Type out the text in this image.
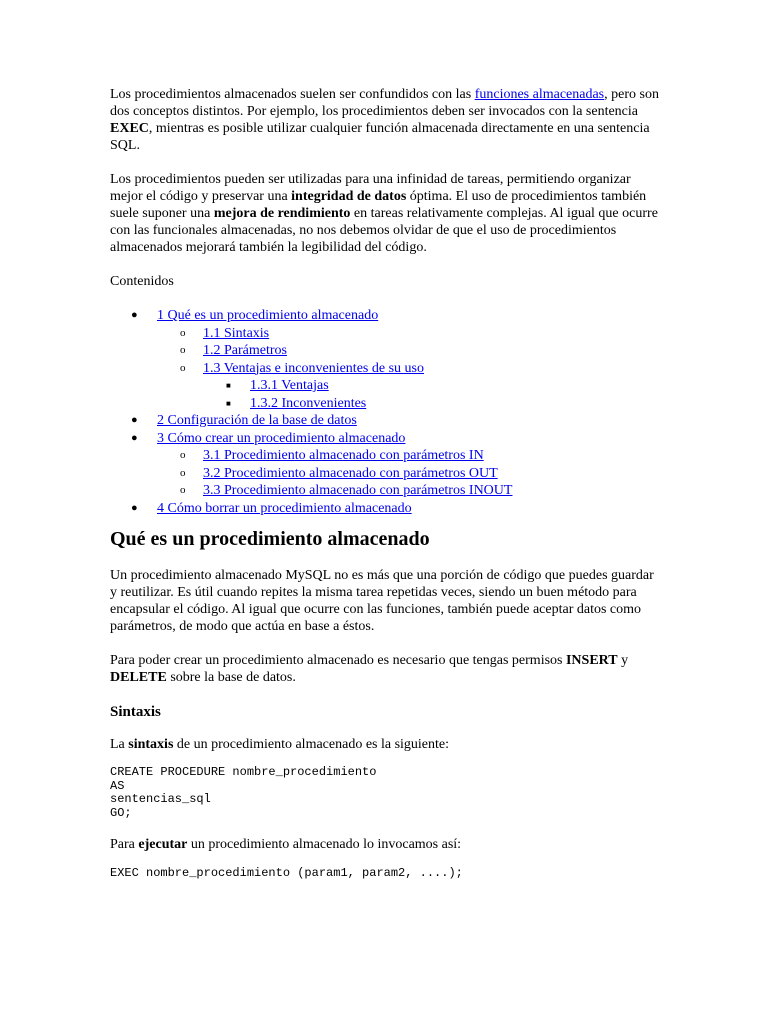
Los procedimientos almacenados suelen ser confundidos con las funciones almacenadas, pero son dos conceptos distintos. Por ejemplo, los procedimientos deben ser invocados con la sentencia EXEC, mientras es posible utilizar cualquier función almacenada directamente en una sentencia SQL.

Los procedimientos pueden ser utilizadas para una infinidad de tareas, permitiendo organizar mejor el código y preservar una integridad de datos óptima. El uso de procedimientos también suele suponer una mejora de rendimiento en tareas relativamente complejas. Al igual que ocurre con las funcionales almacenadas, no nos debemos olvidar de que el uso de procedimientos almacenados mejorará también la legibilidad del código.

Contenidos

● 1 Qué es un procedimiento almacenado
o 1.1 Sintaxis
o 1.2 Parámetros
o 1.3 Ventajas e inconvenientes de su uso
■ 1.3.1 Ventajas
■ 1.3.2 Inconvenientes
● 2 Configuración de la base de datos
● 3 Cómo crear un procedimiento almacenado
o 3.1 Procedimiento almacenado con parámetros IN
o 3.2 Procedimiento almacenado con parámetros OUT
o 3.3 Procedimiento almacenado con parámetros INOUT
● 4 Cómo borrar un procedimiento almacenado
Qué es un procedimiento almacenado

Un procedimiento almacenado MySQL no es más que una porción de código que puedes guardar y reutilizar. Es útil cuando repites la misma tarea repetidas veces, siendo un buen método para encapsular el código. Al igual que ocurre con las funciones, también puede aceptar datos como parámetros, de modo que actúa en base a éstos.

Para poder crear un procedimiento almacenado es necesario que tengas permisos INSERT y DELETE sobre la base de datos.

Sintaxis

La sintaxis de un procedimiento almacenado es la siguiente:

CREATE PROCEDURE nombre_procedimiento
AS
sentencias_sql
GO;

Para ejecutar un procedimiento almacenado lo invocamos así:

EXEC nombre_procedimiento (param1, param2, ....);
